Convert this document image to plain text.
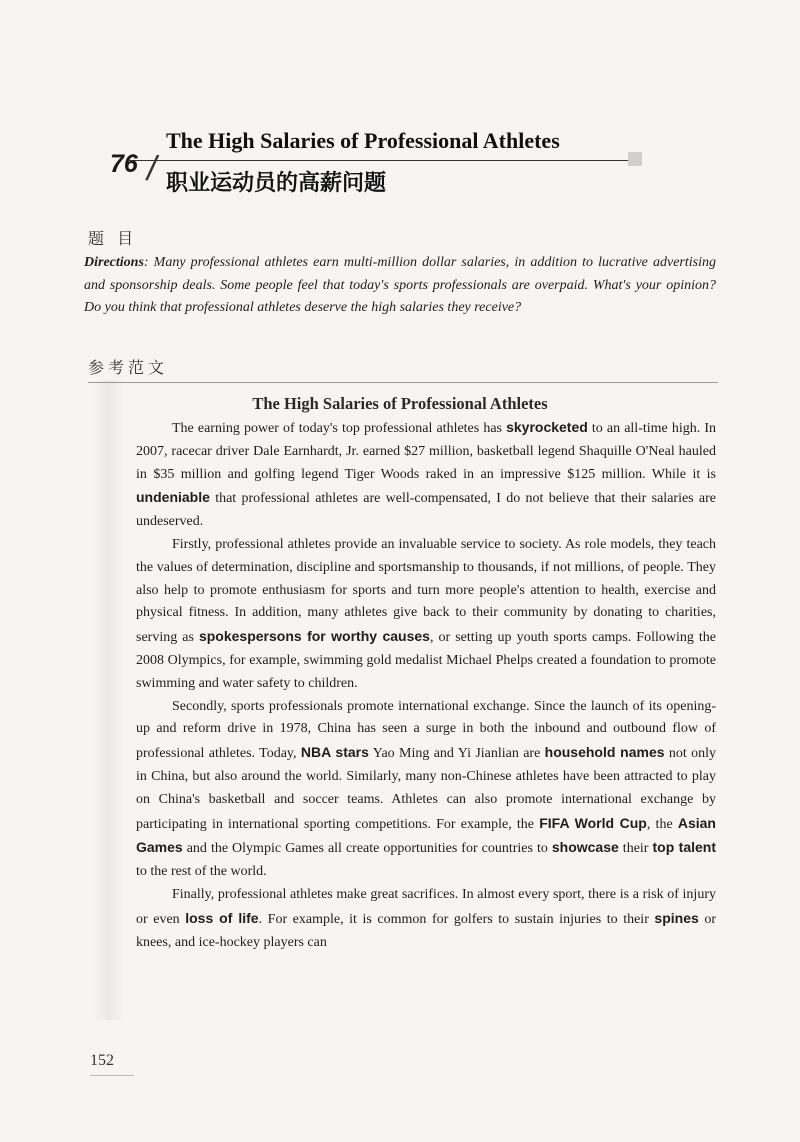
76 /
The High Salaries of Professional Athletes
职业运动员的高薪问题
题 目
Directions: Many professional athletes earn multi-million dollar salaries, in addition to lucrative advertising and sponsorship deals. Some people feel that today's sports professionals are overpaid. What's your opinion? Do you think that professional athletes deserve the high salaries they receive?
参考范文
The High Salaries of Professional Athletes

The earning power of today's top professional athletes has skyrocketed to an all-time high. In 2007, racecar driver Dale Earnhardt, Jr. earned $27 million, basketball legend Shaquille O'Neal hauled in $35 million and golfing legend Tiger Woods raked in an impressive $125 million. While it is undeniable that professional athletes are well-compensated, I do not believe that their salaries are undeserved.

Firstly, professional athletes provide an invaluable service to society. As role models, they teach the values of determination, discipline and sportsmanship to thousands, if not millions, of people. They also help to promote enthusiasm for sports and turn more people's attention to health, exercise and physical fitness. In addition, many athletes give back to their community by donating to charities, serving as spokespersons for worthy causes, or setting up youth sports camps. Following the 2008 Olympics, for example, swimming gold medalist Michael Phelps created a foundation to promote swimming and water safety to children.

Secondly, sports professionals promote international exchange. Since the launch of its opening-up and reform drive in 1978, China has seen a surge in both the inbound and outbound flow of professional athletes. Today, NBA stars Yao Ming and Yi Jianlian are household names not only in China, but also around the world. Similarly, many non-Chinese athletes have been attracted to play on China's basketball and soccer teams. Athletes can also promote international exchange by participating in international sporting competitions. For example, the FIFA World Cup, the Asian Games and the Olympic Games all create opportunities for countries to showcase their top talent to the rest of the world.

Finally, professional athletes make great sacrifices. In almost every sport, there is a risk of injury or even loss of life. For example, it is common for golfers to sustain injuries to their spines or knees, and ice-hockey players can

152
